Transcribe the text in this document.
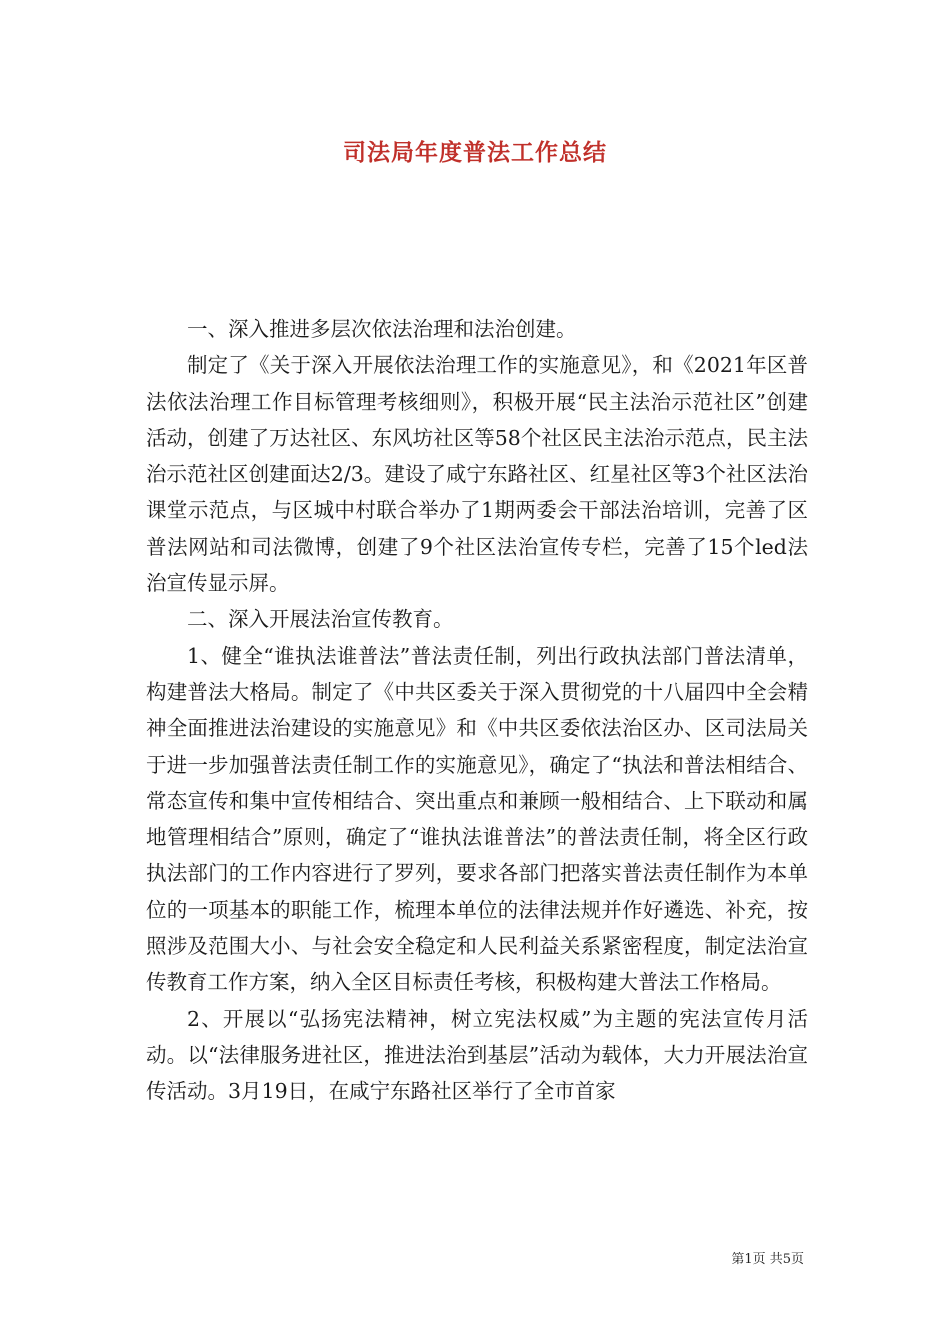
司法局年度普法工作总结

一、深入推进多层次依法治理和法治创建。

制定了《关于深入开展依法治理工作的实施意见》，和《2021年区普法依法治理工作目标管理考核细则》，积极开展“民主法治示范社区”创建活动，创建了万达社区、东风坊社区等58个社区民主法治示范点，民主法治示范社区创建面达2/3。建设了咸宁东路社区、红星社区等3个社区法治课堂示范点，与区城中村联合举办了1期两委会干部法治培训，完善了区普法网站和司法微博，创建了9个社区法治宣传专栏，完善了15个led法治宣传显示屏。

二、深入开展法治宣传教育。

1、健全“谁执法谁普法”普法责任制，列出行政执法部门普法清单，构建普法大格局。制定了《中共区委关于深入贯彻党的十八届四中全会精神全面推进法治建设的实施意见》和《中共区委依法治区办、区司法局关于进一步加强普法责任制工作的实施意见》，确定了“执法和普法相结合、常态宣传和集中宣传相结合、突出重点和兼顾一般相结合、上下联动和属地管理相结合”原则，确定了“谁执法谁普法”的普法责任制，将全区行政执法部门的工作内容进行了罗列，要求各部门把落实普法责任制作为本单位的一项基本的职能工作，梳理本单位的法律法规并作好遴选、补充，按照涉及范围大小、与社会安全稳定和人民利益关系紧密程度，制定法治宣传教育工作方案，纳入全区目标责任考核，积极构建大普法工作格局。

2、开展以“弘扬宪法精神，树立宪法权威”为主题的宪法宣传月活动。以“法律服务进社区，推进法治到基层”活动为载体，大力开展法治宣传活动。3月19日，在咸宁东路社区举行了全市首家

第1页 共5页
